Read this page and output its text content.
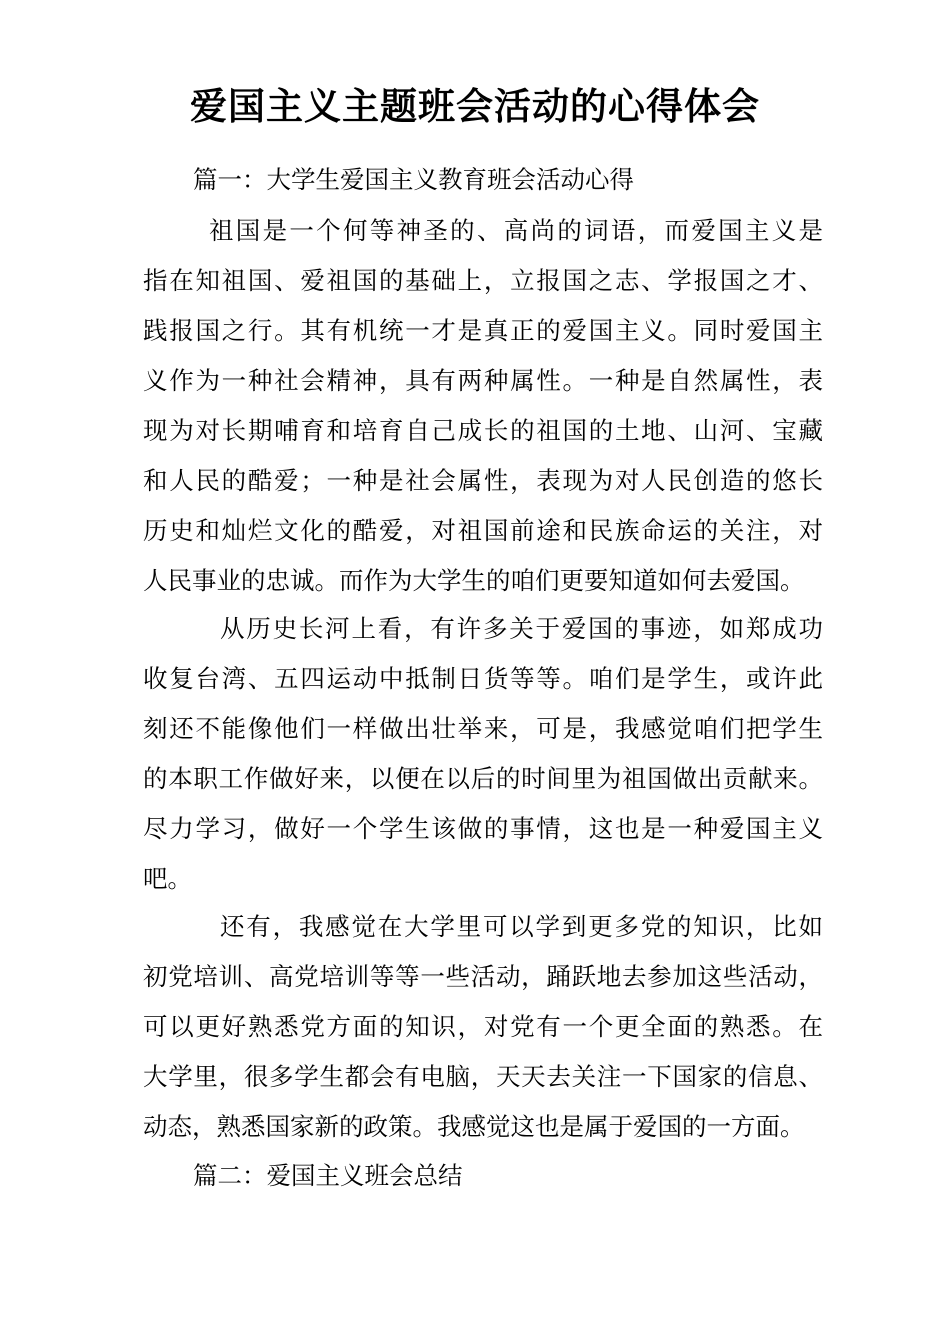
爱国主义主题班会活动的心得体会
篇一：大学生爱国主义教育班会活动心得
祖国是一个何等神圣的、高尚的词语，而爱国主义是
指在知祖国、爱祖国的基础上，立报国之志、学报国之才、
践报国之行。其有机统一才是真正的爱国主义。同时爱国主
义作为一种社会精神，具有两种属性。一种是自然属性，表
现为对长期哺育和培育自己成长的祖国的土地、山河、宝藏
和人民的酷爱；一种是社会属性，表现为对人民创造的悠长
历史和灿烂文化的酷爱，对祖国前途和民族命运的关注，对
人民事业的忠诚。而作为大学生的咱们更要知道如何去爱国。
从历史长河上看，有许多关于爱国的事迹，如郑成功
收复台湾、五四运动中抵制日货等等。咱们是学生，或许此
刻还不能像他们一样做出壮举来，可是，我感觉咱们把学生
的本职工作做好来，以便在以后的时间里为祖国做出贡献来。
尽力学习，做好一个学生该做的事情，这也是一种爱国主义
吧。
还有，我感觉在大学里可以学到更多党的知识，比如
初党培训、高党培训等等一些活动，踊跃地去参加这些活动，
可以更好熟悉党方面的知识，对党有一个更全面的熟悉。在
大学里，很多学生都会有电脑，天天去关注一下国家的信息、
动态，熟悉国家新的政策。我感觉这也是属于爱国的一方面。
篇二：爱国主义班会总结
